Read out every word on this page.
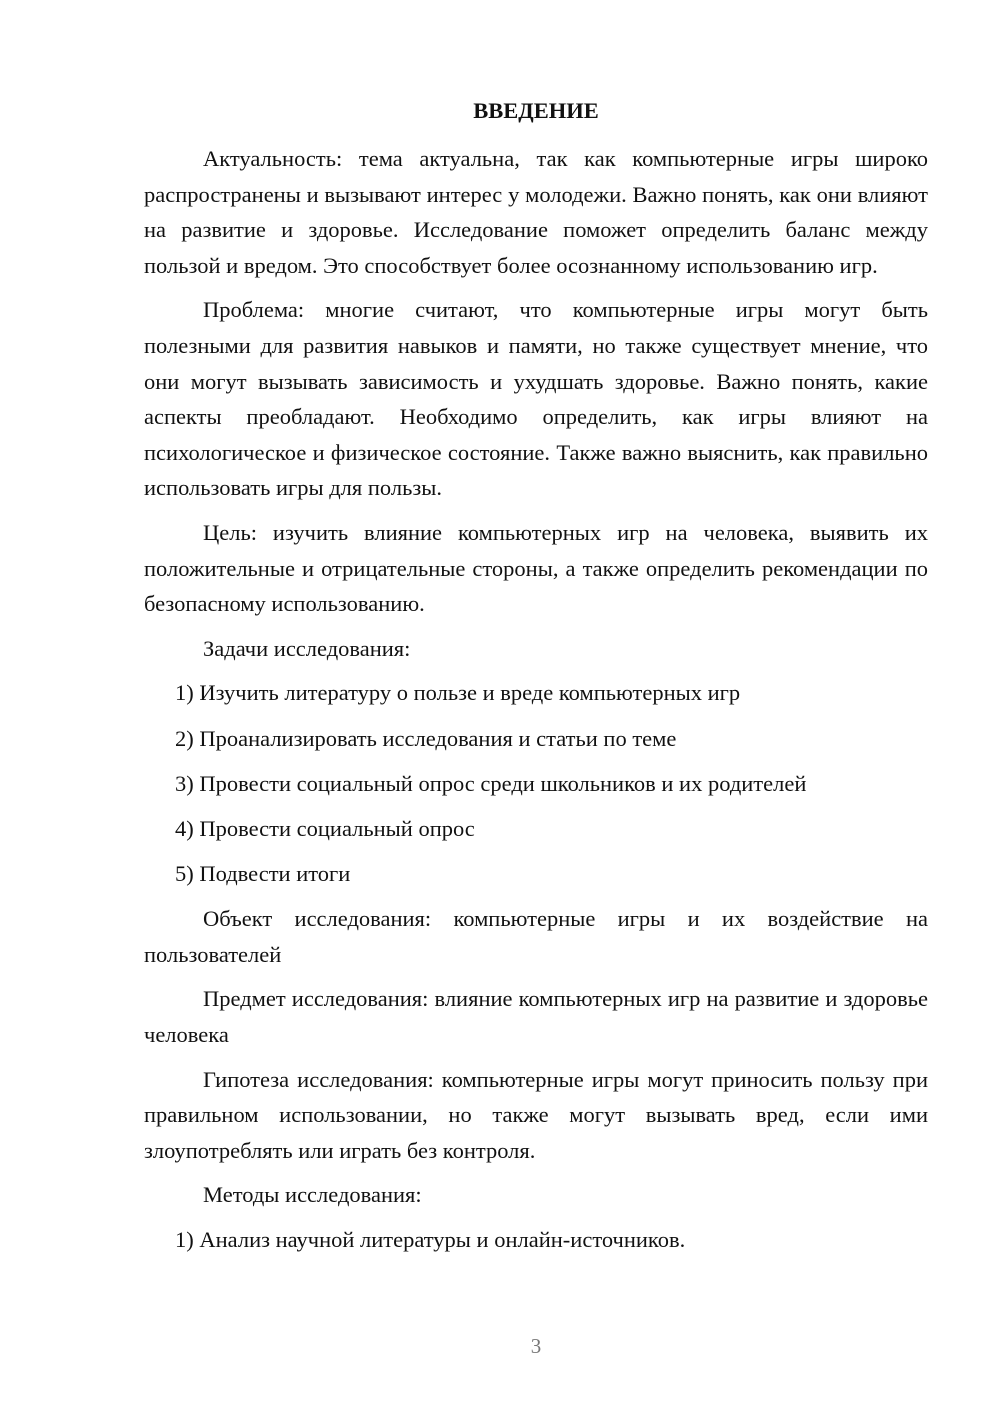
ВВЕДЕНИЕ

Актуальность: тема актуальна, так как компьютерные игры широко распространены и вызывают интерес у молодежи. Важно понять, как они влияют на развитие и здоровье. Исследование поможет определить баланс между пользой и вредом. Это способствует более осознанному использованию игр.

Проблема: многие считают, что компьютерные игры могут быть полезными для развития навыков и памяти, но также существует мнение, что они могут вызывать зависимость и ухудшать здоровье. Важно понять, какие аспекты преобладают. Необходимо определить, как игры влияют на психологическое и физическое состояние. Также важно выяснить, как правильно использовать игры для пользы.

Цель: изучить влияние компьютерных игр на человека, выявить их положительные и отрицательные стороны, а также определить рекомендации по безопасному использованию.

Задачи исследования:

1) Изучить литературу о пользе и вреде компьютерных игр
2) Проанализировать исследования и статьи по теме
3) Провести социальный опрос среди школьников и их родителей
4) Провести социальный опрос
5) Подвести итоги

Объект исследования: компьютерные игры и их воздействие на пользователей

Предмет исследования: влияние компьютерных игр на развитие и здоровье человека

Гипотеза исследования: компьютерные игры могут приносить пользу при правильном использовании, но также могут вызывать вред, если ими злоупотреблять или играть без контроля.

Методы исследования:

1) Анализ научной литературы и онлайн-источников.
3
